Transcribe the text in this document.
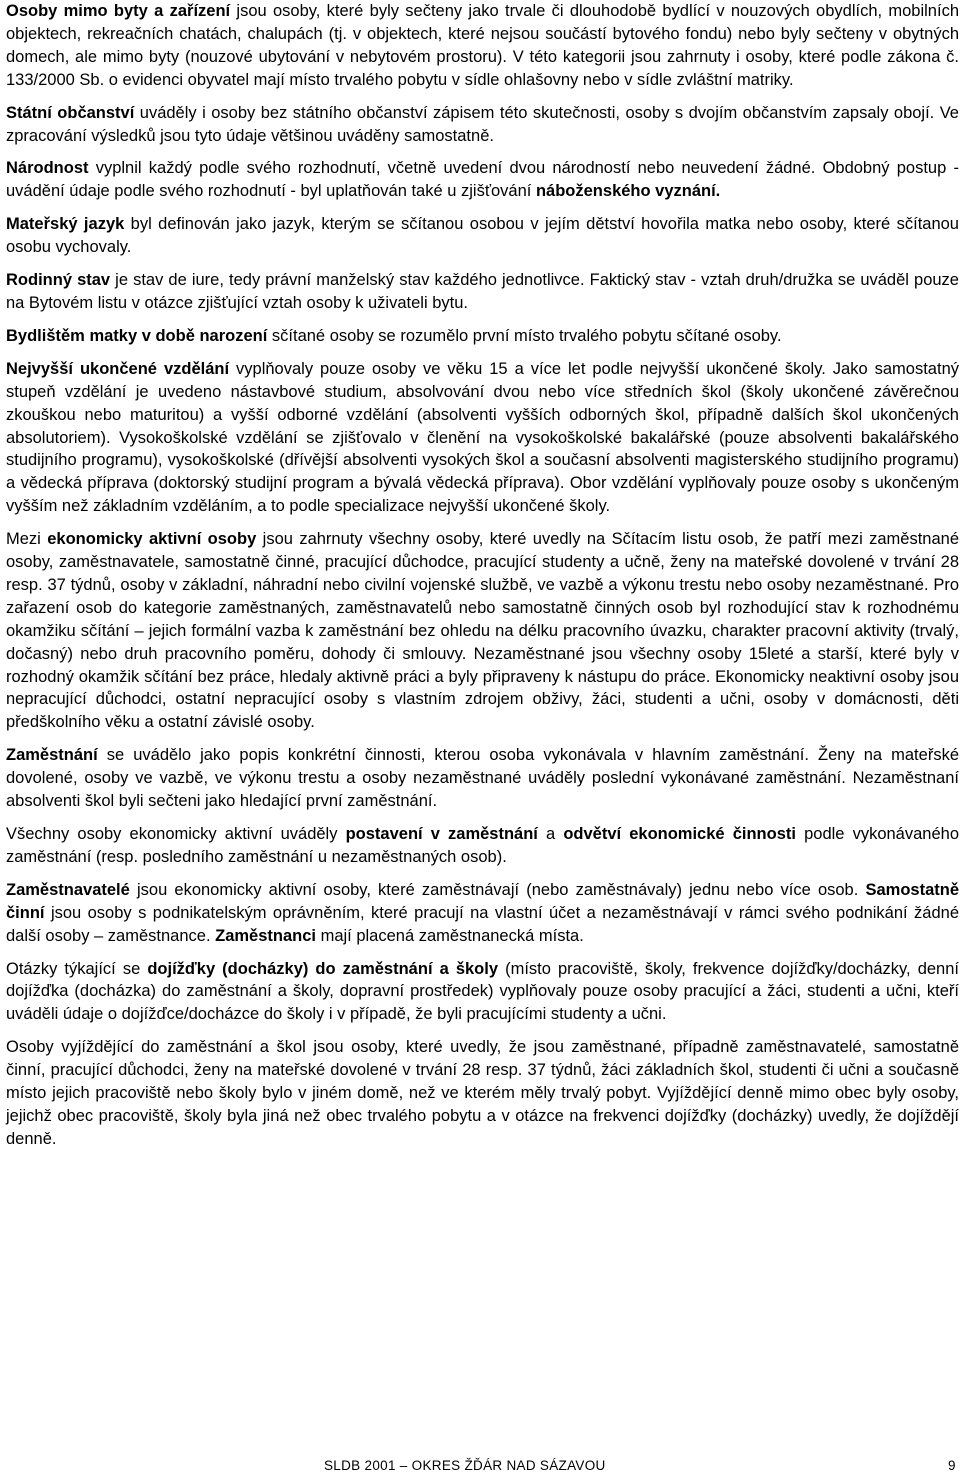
Osoby mimo byty a zařízení jsou osoby, které byly sečteny jako trvale či dlouhodobě bydlící v nouzových obydlích, mobilních objektech, rekreačních chatách, chalupách (tj. v objektech, které nejsou součástí bytového fondu) nebo byly sečteny v obytných domech, ale mimo byty (nouzové ubytování v nebytovém prostoru). V této kategorii jsou zahrnuty i osoby, které podle zákona č. 133/2000 Sb. o evidenci obyvatel mají místo trvalého pobytu v sídle ohlašovny nebo v sídle zvláštní matriky.

Státní občanství uváděly i osoby bez státního občanství zápisem této skutečnosti, osoby s dvojím občanstvím zapsaly obojí. Ve zpracování výsledků jsou tyto údaje většinou uváděny samostatně.

Národnost vyplnil každý podle svého rozhodnutí, včetně uvedení dvou národností nebo neuvedení žádné. Obdobný postup - uvádění údaje podle svého rozhodnutí - byl uplatňován také u zjišťování náboženského vyznání.

Mateřský jazyk byl definován jako jazyk, kterým se sčítanou osobou v jejím dětství hovořila matka nebo osoby, které sčítanou osobu vychovaly.

Rodinný stav je stav de iure, tedy právní manželský stav každého jednotlivce. Faktický stav - vztah druh/družka se uváděl pouze na Bytovém listu v otázce zjišťující vztah osoby k uživateli bytu.

Bydlištěm matky v době narození sčítané osoby se rozumělo první místo trvalého pobytu sčítané osoby.

Nejvyšší ukončené vzdělání vyplňovaly pouze osoby ve věku 15 a více let podle nejvyšší ukončené školy. Jako samostatný stupeň vzdělání je uvedeno nástavbové studium, absolvování dvou nebo více středních škol (školy ukončené závěrečnou zkouškou nebo maturitou) a vyšší odborné vzdělání (absolventi vyšších odborných škol, případně dalších škol ukončených absolutoriem). Vysokoškolské vzdělání se zjišťovalo v členění na vysokoškolské bakalářské (pouze absolventi bakalářského studijního programu), vysokoškolské (dřívější absolventi vysokých škol a současní absolventi magisterského studijního programu) a vědecká příprava (doktorský studijní program a bývalá vědecká příprava). Obor vzdělání vyplňovaly pouze osoby s ukončeným vyšším než základním vzděláním, a to podle specializace nejvyšší ukončené školy.

Mezi ekonomicky aktivní osoby jsou zahrnuty všechny osoby, které uvedly na Sčítacím listu osob, že patří mezi zaměstnané osoby, zaměstnavatele, samostatně činné, pracující důchodce, pracující studenty a učně, ženy na mateřské dovolené v trvání 28 resp. 37 týdnů, osoby v základní, náhradní nebo civilní vojenské službě, ve vazbě a výkonu trestu nebo osoby nezaměstnané. Pro zařazení osob do kategorie zaměstnaných, zaměstnavatelů nebo samostatně činných osob byl rozhodující stav k rozhodnému okamžiku sčítání – jejich formální vazba k zaměstnání bez ohledu na délku pracovního úvazku, charakter pracovní aktivity (trvalý, dočasný) nebo druh pracovního poměru, dohody či smlouvy. Nezaměstnané jsou všechny osoby 15leté a starší, které byly v rozhodný okamžik sčítání bez práce, hledaly aktivně práci a byly připraveny k nástupu do práce. Ekonomicky neaktivní osoby jsou nepracující důchodci, ostatní nepracující osoby s vlastním zdrojem obživy, žáci, studenti a učni, osoby v domácnosti, děti předškolního věku a ostatní závislé osoby.

Zaměstnání se uvádělo jako popis konkrétní činnosti, kterou osoba vykonávala v hlavním zaměstnání. Ženy na mateřské dovolené, osoby ve vazbě, ve výkonu trestu a osoby nezaměstnané uváděly poslední vykonávané zaměstnání. Nezaměstnaní absolventi škol byli sečteni jako hledající první zaměstnání.

Všechny osoby ekonomicky aktivní uváděly postavení v zaměstnání a odvětví ekonomické činnosti podle vykonávaného zaměstnání (resp. posledního zaměstnání u nezaměstnaných osob).

Zaměstnavatelé jsou ekonomicky aktivní osoby, které zaměstnávají (nebo zaměstnávaly) jednu nebo více osob. Samostatně činní jsou osoby s podnikatelským oprávněním, které pracují na vlastní účet a nezaměstnávají v rámci svého podnikání žádné další osoby – zaměstnance. Zaměstnanci mají placená zaměstnanecká místa.

Otázky týkající se dojížďky (docházky) do zaměstnání a školy (místo pracoviště, školy, frekvence dojížďky/docházky, denní dojížďka (docházka) do zaměstnání a školy, dopravní prostředek) vyplňovaly pouze osoby pracující a žáci, studenti a učni, kteří uváděli údaje o dojížďce/docházce do školy i v případě, že byli pracujícími studenty a učni.

Osoby vyjíždějící do zaměstnání a škol jsou osoby, které uvedly, že jsou zaměstnané, případně zaměstnavatelé, samostatně činní, pracující důchodci, ženy na mateřské dovolené v trvání 28 resp. 37 týdnů, žáci základních škol, studenti či učni a současně místo jejich pracoviště nebo školy bylo v jiném domě, než ve kterém měly trvalý pobyt. Vyjíždějící denně mimo obec byly osoby, jejichž obec pracoviště, školy byla jiná než obec trvalého pobytu a v otázce na frekvenci dojížďky (docházky) uvedly, že dojíždějí denně.

SLDB 2001 – OKRES ŽĎÁR NAD SÁZAVOU	9
